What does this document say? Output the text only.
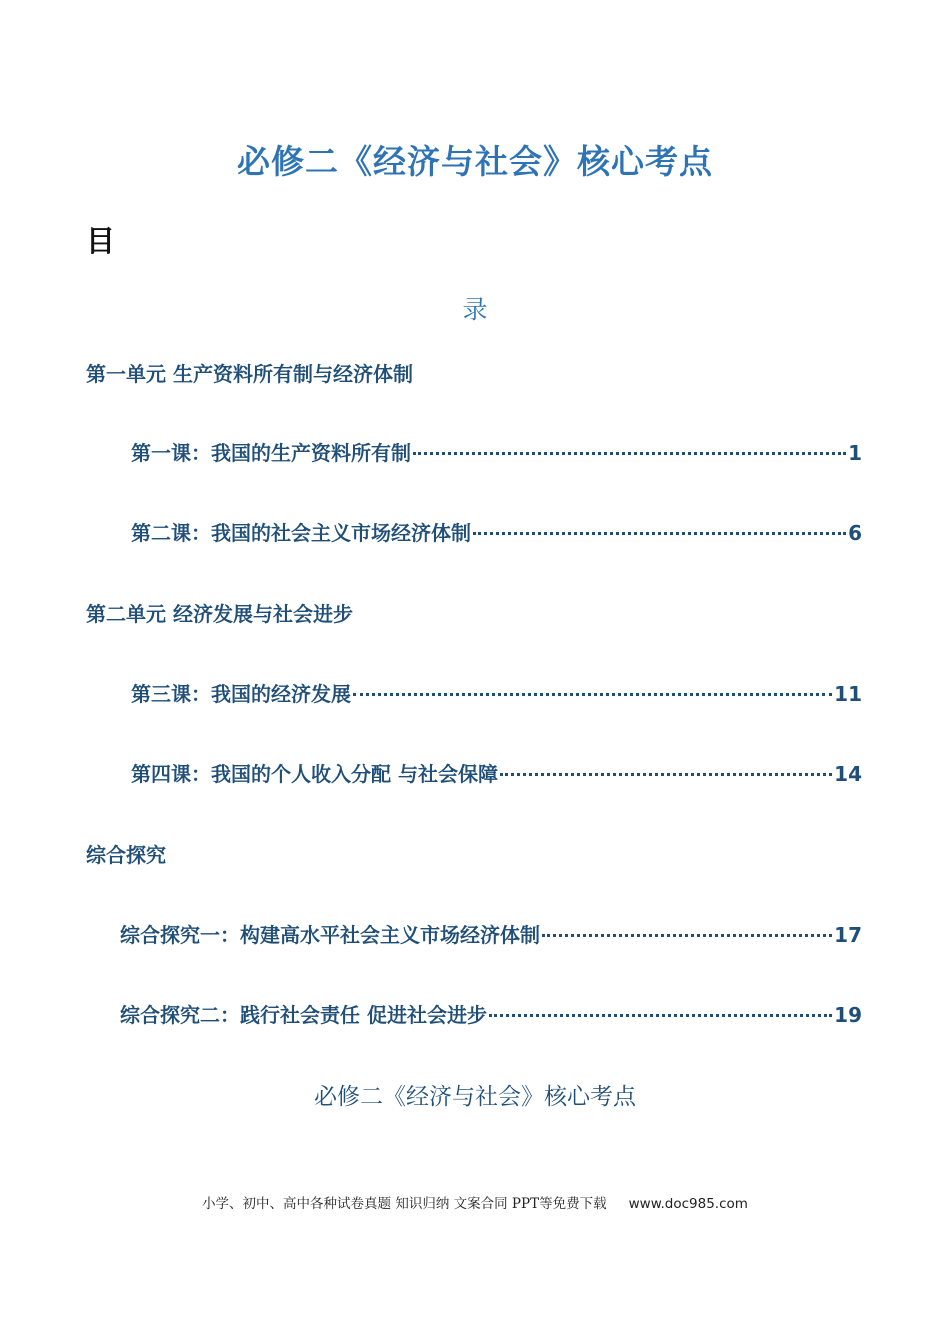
必修二《经济与社会》核心考点
目
录
第一单元 生产资料所有制与经济体制
第一课：我国的生产资料所有制	1
第二课：我国的社会主义市场经济体制	6
第二单元 经济发展与社会进步
第三课：我国的经济发展	11
第四课：我国的个人收入分配 与社会保障	14
综合探究
综合探究一：构建高水平社会主义市场经济体制	17
综合探究二：践行社会责任 促进社会进步	19
必修二《经济与社会》核心考点
小学、初中、高中各种试卷真题 知识归纳 文案合同 PPT等免费下载 www.doc985.com
